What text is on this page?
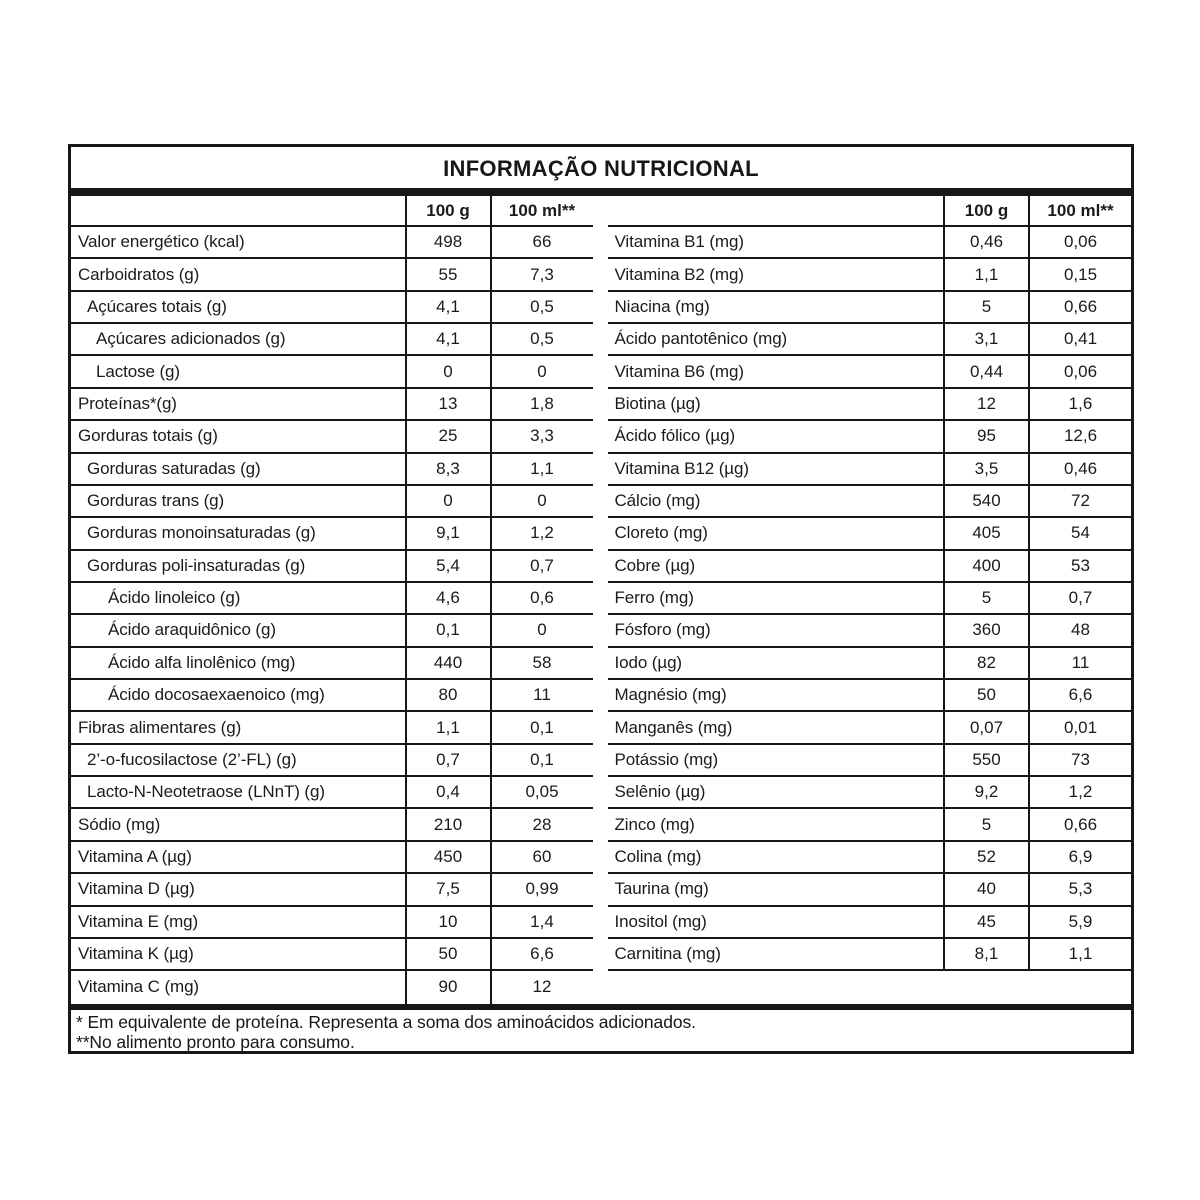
INFORMAÇÃO NUTRICIONAL
100 g	100 ml**
Valor energético (kcal)	498	66
Carboidratos (g)	55	7,3
Açúcares totais (g)	4,1	0,5
Açúcares adicionados (g)	4,1	0,5
Lactose (g)	0	0
Proteínas*(g)	13	1,8
Gorduras totais (g)	25	3,3
Gorduras saturadas (g)	8,3	1,1
Gorduras trans (g)	0	0
Gorduras monoinsaturadas (g)	9,1	1,2
Gorduras poli-insaturadas (g)	5,4	0,7
Ácido linoleico (g)	4,6	0,6
Ácido araquidônico (g)	0,1	0
Ácido alfa linolênico (mg)	440	58
Ácido docosaexaenoico (mg)	80	11
Fibras alimentares (g)	1,1	0,1
2’-o-fucosilactose (2’-FL) (g)	0,7	0,1
Lacto-N-Neotetraose (LNnT) (g)	0,4	0,05
Sódio (mg)	210	28
Vitamina A (µg)	450	60
Vitamina D (µg)	7,5	0,99
Vitamina E (mg)	10	1,4
Vitamina K (µg)	50	6,6
Vitamina C (mg)	90	12
100 g	100 ml**
Vitamina B1 (mg)	0,46	0,06
Vitamina B2 (mg)	1,1	0,15
Niacina (mg)	5	0,66
Ácido pantotênico (mg)	3,1	0,41
Vitamina B6 (mg)	0,44	0,06
Biotina (µg)	12	1,6
Ácido fólico (µg)	95	12,6
Vitamina B12 (µg)	3,5	0,46
Cálcio (mg)	540	72
Cloreto (mg)	405	54
Cobre (µg)	400	53
Ferro (mg)	5	0,7
Fósforo (mg)	360	48
Iodo (µg)	82	11
Magnésio (mg)	50	6,6
Manganês (mg)	0,07	0,01
Potássio (mg)	550	73
Selênio (µg)	9,2	1,2
Zinco (mg)	5	0,66
Colina (mg)	52	6,9
Taurina (mg)	40	5,3
Inositol (mg)	45	5,9
Carnitina (mg)	8,1	1,1
* Em equivalente de proteína. Representa a soma dos aminoácidos adicionados.
**No alimento pronto para consumo.
